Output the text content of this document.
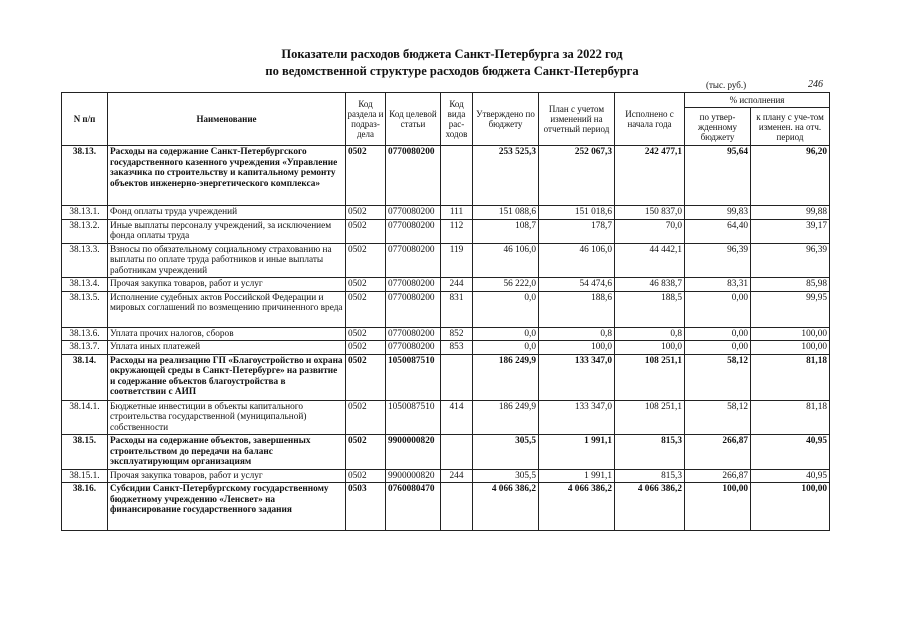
Показатели расходов бюджета Санкт-Петербурга за 2022 год
по ведомственной структуре расходов бюджета Санкт-Петербурга
(тыс. руб.)	246
N п/п	Наименование	Код раздела и подраз-дела	Код целевой статьи	Код вида рас-ходов	Утверждено по бюджету	План с учетом изменений на отчетный период	Исполнено с начала года	% исполнения	
								по утвер-жденному бюджету	к плану с уче-том изменен. на отч. период
38.13.	Расходы на содержание Санкт-Петербургского государственного казенного учреждения «Управление заказчика по строительству и капитальному ремонту объектов инженерно-энергетического комплекса»	0502	0770080200		253 525,3	252 067,3	242 477,1	95,64	96,20
38.13.1.	Фонд оплаты труда учреждений	0502	0770080200	111	151 088,6	151 018,6	150 837,0	99,83	99,88
38.13.2.	Иные выплаты персоналу учреждений, за исключением фонда оплаты труда	0502	0770080200	112	108,7	178,7	70,0	64,40	39,17
38.13.3.	Взносы по обязательному социальному страхованию на выплаты по оплате труда работников и иные выплаты работникам учреждений	0502	0770080200	119	46 106,0	46 106,0	44 442,1	96,39	96,39
38.13.4.	Прочая закупка товаров, работ и услуг	0502	0770080200	244	56 222,0	54 474,6	46 838,7	83,31	85,98
38.13.5.	Исполнение судебных актов Российской Федерации и мировых соглашений по возмещению причиненного вреда	0502	0770080200	831	0,0	188,6	188,5	0,00	99,95
38.13.6.	Уплата прочих налогов, сборов	0502	0770080200	852	0,0	0,8	0,8	0,00	100,00
38.13.7.	Уплата иных платежей	0502	0770080200	853	0,0	100,0	100,0	0,00	100,00
38.14.	Расходы на реализацию ГП «Благоустройство и охрана окружающей среды в Санкт-Петербурге» на развитие и содержание объектов благоустройства в соответствии с АИП	0502	1050087510		186 249,9	133 347,0	108 251,1	58,12	81,18
38.14.1.	Бюджетные инвестиции в объекты капитального строительства государственной (муниципальной) собственности	0502	1050087510	414	186 249,9	133 347,0	108 251,1	58,12	81,18
38.15.	Расходы на содержание объектов, завершенных строительством до передачи на баланс эксплуатирующим организациям	0502	9900000820		305,5	1 991,1	815,3	266,87	40,95
38.15.1.	Прочая закупка товаров, работ и услуг	0502	9900000820	244	305,5	1 991,1	815,3	266,87	40,95
38.16.	Субсидии Санкт-Петербургскому государственному бюджетному учреждению «Ленсвет» на финансирование государственного задания	0503	0760080470		4 066 386,2	4 066 386,2	4 066 386,2	100,00	100,00
